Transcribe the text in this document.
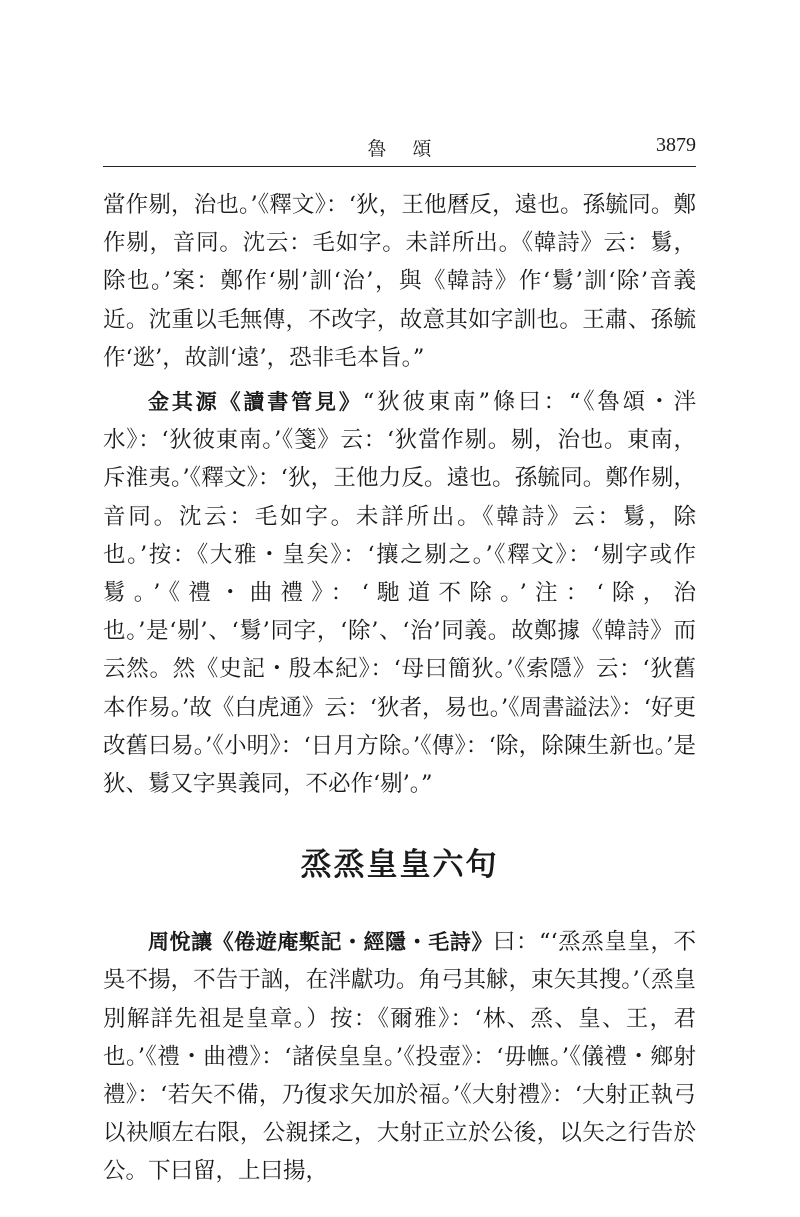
魯頌	3879

當作剔，治也。’《釋文》：‘狄，王他曆反，遠也。孫毓同。鄭作剔，音同。沈云：毛如字。未詳所出。《韓詩》云：鬄，除也。’案：鄭作‘剔’訓‘治’，與《韓詩》作‘鬄’訓‘除’音義近。沈重以毛無傳，不改字，故意其如字訓也。王肅、孫毓作‘逖’，故訓‘遠’，恐非毛本旨。”

金其源《讀書管見》“狄彼東南”條曰：“《魯頌・泮水》：‘狄彼東南。’《箋》云：‘狄當作剔。剔，治也。東南，斥淮夷。’《釋文》：‘狄，王他力反。遠也。孫毓同。鄭作剔，音同。沈云：毛如字。未詳所出。《韓詩》云：鬄，除也。’按：《大雅・皇矣》：‘攘之剔之。’《釋文》：‘剔字或作鬄。’《禮・曲禮》：‘馳道不除。’注：‘除，治也。’是‘剔’、‘鬄’同字，‘除’、‘治’同義。故鄭據《韓詩》而云然。然《史記・殷本紀》：‘母曰簡狄。’《索隱》云：‘狄舊本作易。’故《白虎通》云：‘狄者，易也。’《周書謚法》：‘好更改舊曰易。’《小明》：‘日月方除。’《傳》：‘除，除陳生新也。’是狄、鬄又字異義同，不必作‘剔’。”

烝烝皇皇六句

周悅讓《倦遊庵槧記・經隱・毛詩》曰：“‘烝烝皇皇，不吳不揚，不告于訩，在泮獻功。角弓其觩，束矢其搜。’（烝皇別解詳先祖是皇章。）按：《爾雅》：‘林、烝、皇、王，君也。’《禮・曲禮》：‘諸侯皇皇。’《投壺》：‘毋幠。’《儀禮・鄉射禮》：‘若矢不備，乃復求矢加於福。’《大射禮》：‘大射正執弓以袂順左右限，公親揉之，大射正立於公後，以矢之行告於公。下曰留，上曰揚，
